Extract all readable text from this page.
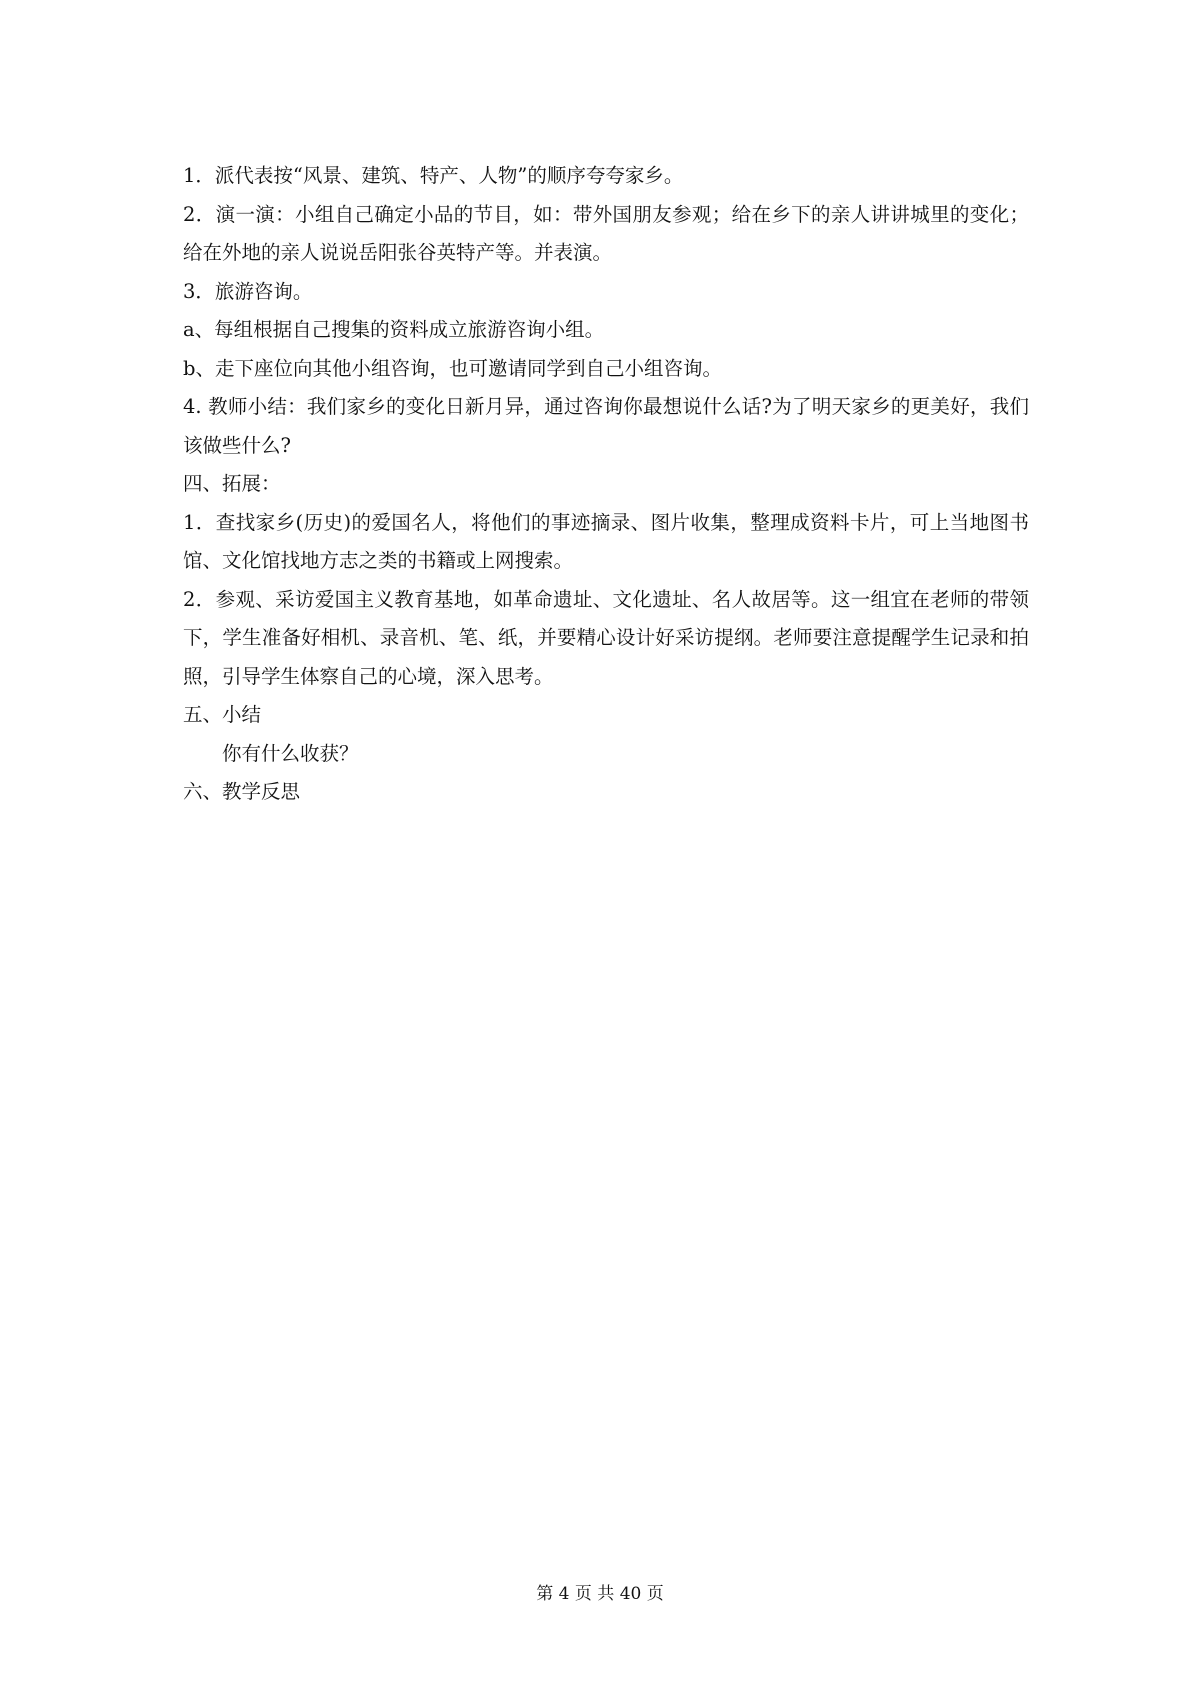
1．派代表按“风景、建筑、特产、人物”的顺序夸夸家乡。

2．演一演：小组自己确定小品的节目，如：带外国朋友参观；给在乡下的亲人讲讲城里的变化；给在外地的亲人说说岳阳张谷英特产等。并表演。

3．旅游咨询。

a、每组根据自己搜集的资料成立旅游咨询小组。

b、走下座位向其他小组咨询，也可邀请同学到自己小组咨询。

4. 教师小结：我们家乡的变化日新月异，通过咨询你最想说什么话?为了明天家乡的更美好，我们该做些什么?

四、拓展：

1．查找家乡(历史)的爱国名人，将他们的事迹摘录、图片收集，整理成资料卡片，可上当地图书馆、文化馆找地方志之类的书籍或上网搜索。

2．参观、采访爱国主义教育基地，如革命遗址、文化遗址、名人故居等。这一组宜在老师的带领下，学生准备好相机、录音机、笔、纸，并要精心设计好采访提纲。老师要注意提醒学生记录和拍照，引导学生体察自己的心境，深入思考。

五、小结

你有什么收获？

六、教学反思

第 4 页 共 40 页
